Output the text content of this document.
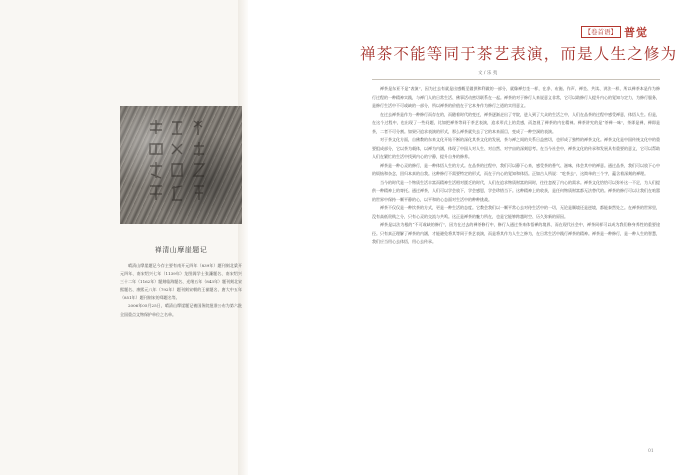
禅清山摩崖题记

晴清山摩崖题记今存主要有南开元四年（839年）题刊刻北梁开元四年、南宋绍兴七年（1139年）龙图阁学士张濂题名、南宋绍兴三十二年（1162年）题刻临海题名、光绪五年（843年）题刊刻北宋熙题名、康熙元八年（792年）题刊刻宋朝的王祯题名、唐大中五年（851年）题刊刻宋的郑题名等。

2006年05月25日，晴清山摩崖题记被国务院批准公布为第六批全国重点文物保护单位之名单。

【卷首语】 普觉
禅茶不能等同于茶艺表演，而是人生之修为
文 / 乐 夷

禅茶是东亚不是“表演”，因为过去有就是出感概至做供和利做的一部分，就像禅打坐一样，在净、布施、作声、禅坐、共读、讲法一样，所以禅茶本是作为修行过程的一种精神实践，与禅门人的日常生活、佛事活动密切联系在一起。禅茶的对于修行人来说意义非常，它可以助修行人提升内心的觉知与定力，为修行服务，是修行生活中不可或缺的一部分，所以禅茶的价值在于它本身作为修行之道的实用意义。

在过去禅茶是作为一种修行而存在的，而随着时代的变迁，禅茶逐渐走出了寺院，进入到了大众的生活之中，人们在品茶的过程中感受禅意，体悟人生。但是，在这个过程中，也出现了一些问题，比如把禅茶等同于茶艺表演，追求形式上的美感，而忽视了禅茶的内在精神。禅茶讲究的是“茶禅一味”，茶即是禅，禅即是茶，二者不可分割。如果只追求表演的形式，那么禅茶就失去了它的本来面目，变成了一种空洞的表演。

对于茶文化方面，自佛教的东来文化开始不断的深化其茶文化的发展，茶与禅之间的关系日益密切，也形成了独特的禅茶文化。禅茶文化是中国传统文化中的重要组成部分，它以茶为载体，以禅为内涵，体现了中国人对人生、对自然、对宇宙的深刻思考。在当今社会中，禅茶文化的传承和发展具有重要的意义，它可以帮助人们在繁忙的生活中找到内心的宁静，提升自身的修养。

禅茶是一种心灵的修行，是一种体悟人生的方式。在品茶的过程中，我们可以静下心来，感受茶的香气、滋味，体会其中的禅意。通过品茶，我们可以放下心中的烦恼和杂念，回归本真的自我。这种修行不需要特定的形式，而在于内心的觉知和体悟。正如古人所说：“吃茶去”，这简单的三个字，蕴含着深刻的禅理。

当今的时代是一个物质生活丰富而精神生活相对匮乏的时代，人们在追求物质财富的同时，往往忽视了内心的需求。禅茶文化恰恰可以弥补这一不足，为人们提供一种精神上的寄托。通过禅茶，人们可以学会放下，学会感恩，学会珍惜当下。这种精神上的收获，是任何物质财富都无法替代的。禅茶的修行可以让我们在喧嚣的世界中保持一颗平静的心，以平和的心态面对生活中的种种挑战。

禅茶不仅仅是一种饮茶的方式，更是一种生活的态度。它教会我们以一颗平常心去对待生活中的一切，无论是顺境还是逆境，都能泰然处之。在禅茶的世界里，没有高低贵贱之分，只有心灵的交流与共鸣。这正是禅茶的魅力所在，也是它能够跨越时空、历久弥新的原因。

禅茶是以法为根的“不可或缺的修行”，因为在过去的禅茶修行中，修行人通过茶来体悟禅的境界，而在现代社会中，禅茶同样可以成为我们修身养性的重要途径。只有真正理解了禅茶的内涵，才能避免将其等同于茶艺表演，而是将其作为人生之修为，在日常生活中践行禅茶的精神。禅茶是一种修行，是一种人生的智慧，我们应当用心去体悟，用心去传承。

01
